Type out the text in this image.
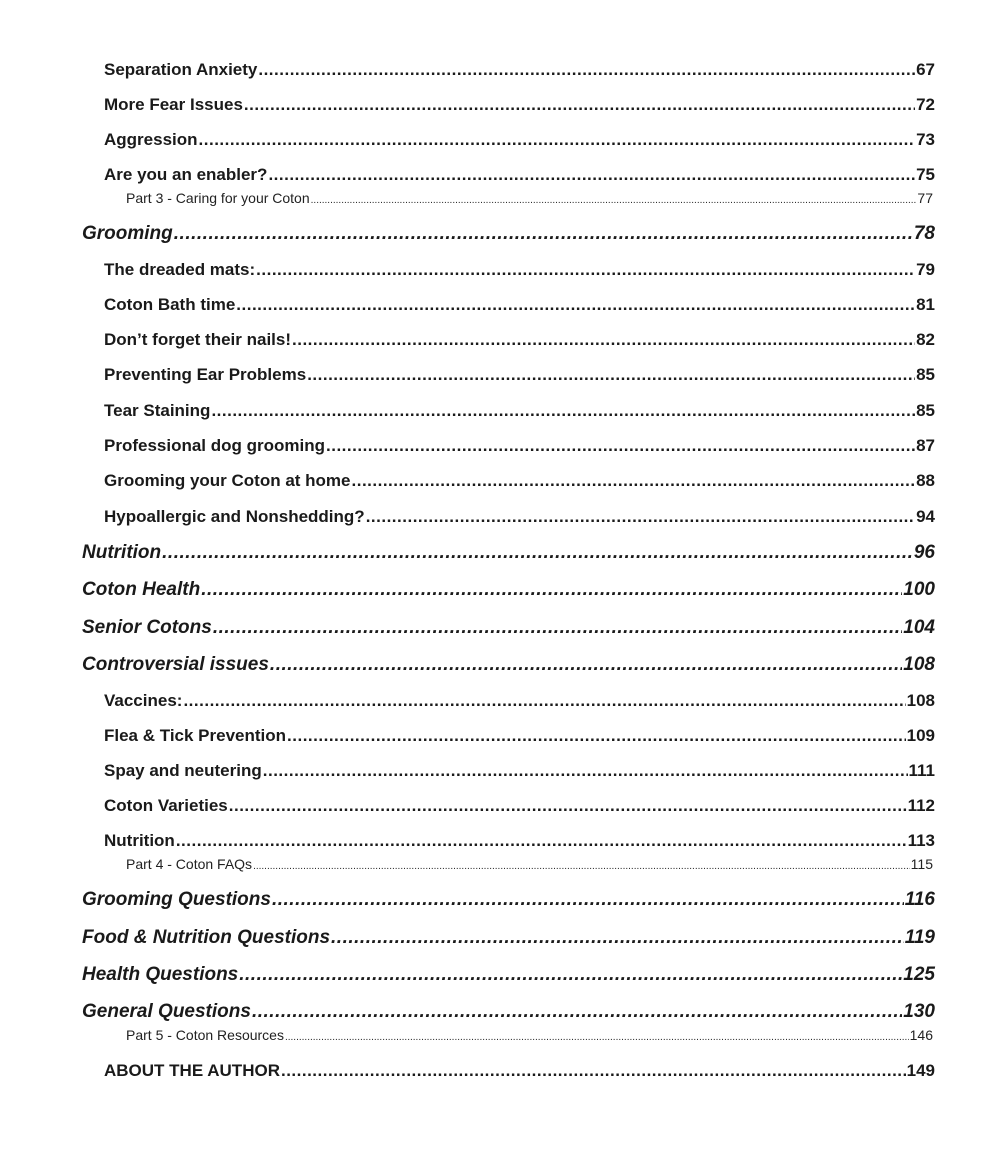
Separation Anxiety .....	67
More Fear Issues .....	72
Aggression .....	73
Are you an enabler? .....	75
Part 3 - Caring for your Coton .....	77
Grooming .....	78
The dreaded mats: .....	79
Coton Bath time .....	81
Don’t forget their nails! .....	82
Preventing Ear Problems .....	85
Tear Staining .....	85
Professional dog grooming .....	87
Grooming your Coton at home .....	88
Hypoallergic and Nonshedding? .....	94
Nutrition .....	96
Coton Health .....	100
Senior Cotons .....	104
Controversial issues .....	108
Vaccines: .....	108
Flea & Tick Prevention .....	109
Spay and neutering .....	111
Coton Varieties .....	112
Nutrition .....	113
Part 4 - Coton FAQs .....	115
Grooming Questions .....	116
Food & Nutrition Questions .....	119
Health Questions .....	125
General Questions .....	130
Part 5 - Coton Resources .....	146
ABOUT THE AUTHOR .....	149
